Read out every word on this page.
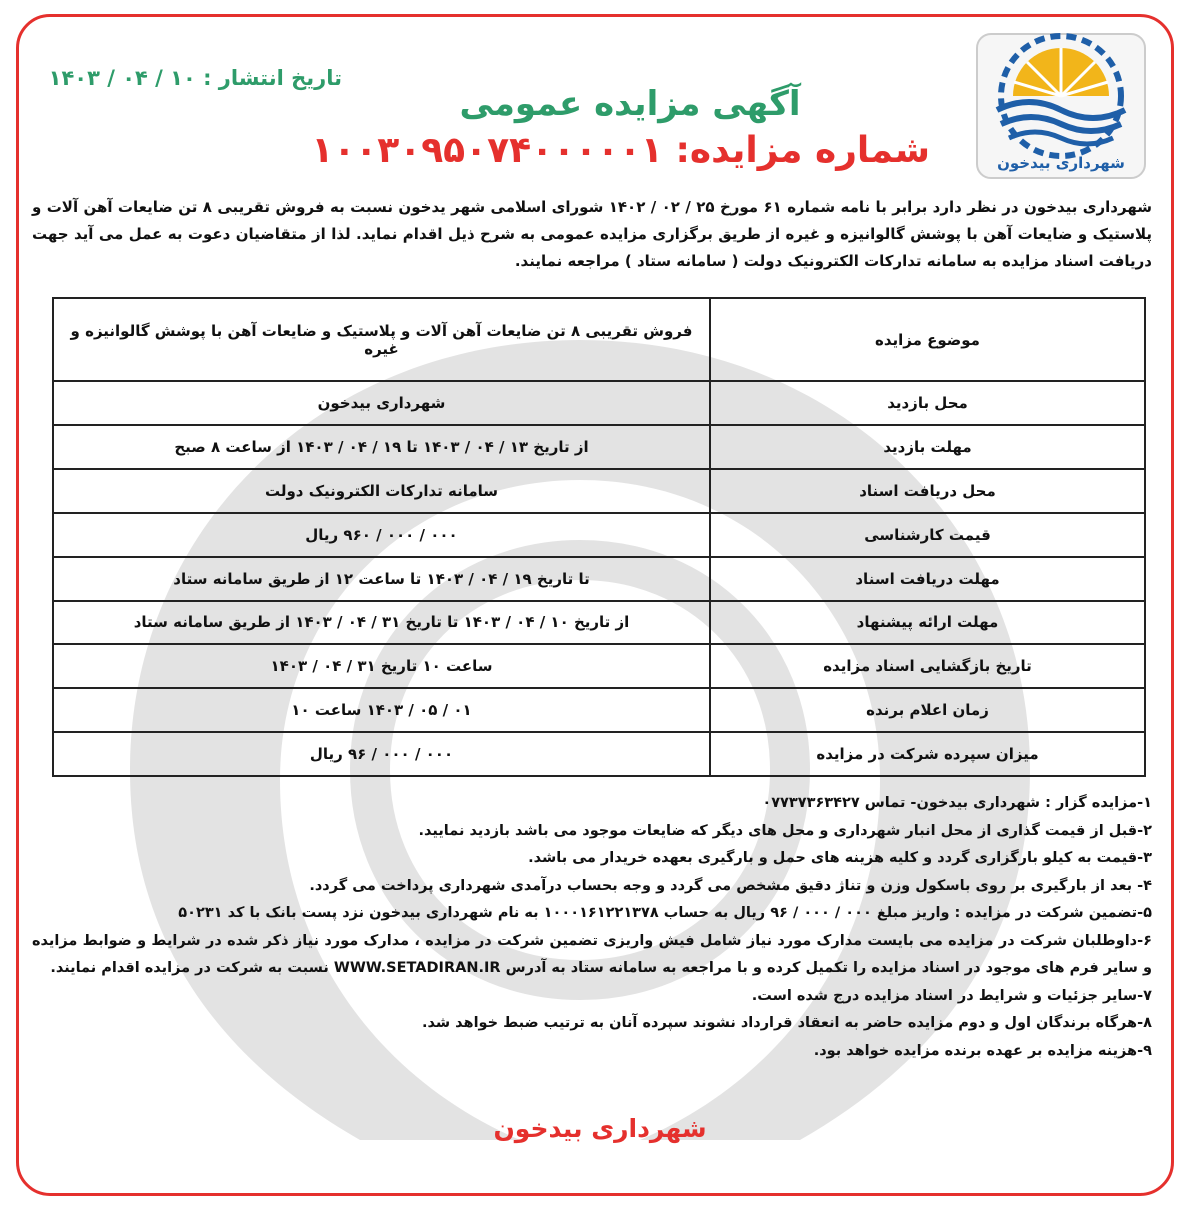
شهرداری بیدخون
تاریخ انتشار : ۱۰ / ۰۴ / ۱۴۰۳
آگهی مزایده عمومی
شماره مزایده: ۱۰۰۳۰۹۵۰۷۴۰۰۰۰۰۱
شهرداری بیدخون در نظر دارد برابر با نامه شماره ۶۱ مورخ ۲۵ / ۰۲ / ۱۴۰۲ شورای اسلامی شهر یدخون نسبت به فروش تقریبی ۸ تن ضایعات آهن آلات و پلاستیک و ضایعات آهن با پوشش گالوانیزه و غیره از طریق برگزاری مزایده عمومی به شرح ذیل اقدام نماید. لذا از متقاضیان دعوت به عمل می آید جهت دریافت اسناد مزایده به سامانه تدارکات الکترونیک دولت ( سامانه ستاد ) مراجعه نمایند.
موضوع مزایده	فروش تقریبی ۸ تن ضایعات آهن آلات و پلاستیک و ضایعات آهن با پوشش گالوانیزه و غیره
محل بازدید	شهرداری بیدخون
مهلت بازدید	از تاریخ ۱۳ / ۰۴ / ۱۴۰۳ تا ۱۹ / ۰۴ / ۱۴۰۳ از ساعت ۸ صبح
محل دریافت اسناد	سامانه تدارکات الکترونیک دولت
قیمت کارشناسی	۰۰۰ / ۰۰۰ / ۹۶۰ ریال
مهلت دریافت اسناد	تا تاریخ ۱۹ / ۰۴ / ۱۴۰۳ تا ساعت ۱۲ از طریق سامانه ستاد
مهلت ارائه پیشنهاد	از تاریخ ۱۰ / ۰۴ / ۱۴۰۳ تا تاریخ ۳۱ / ۰۴ / ۱۴۰۳ از طریق سامانه ستاد
تاریخ بازگشایی اسناد مزایده	ساعت ۱۰ تاریخ ۳۱ / ۰۴ / ۱۴۰۳
زمان اعلام برنده	۰۱ / ۰۵ / ۱۴۰۳ ساعت ۱۰
میزان سپرده شرکت در مزایده	۰۰۰ / ۰۰۰ / ۹۶ ریال

۱-مزایده گزار : شهرداری بیدخون- تماس ۰۷۷۳۷۳۶۳۴۲۷

۲-قبل از قیمت گذاری از محل انبار شهرداری و محل های دیگر که ضایعات موجود می باشد بازدید نمایید.

۳-قیمت به کیلو بارگزاری گردد و کلیه هزینه های حمل و بارگیری بعهده خریدار می باشد.

۴- بعد از بارگیری بر روی باسکول وزن و تناژ دقیق مشخص می گردد و وجه بحساب درآمدی شهرداری پرداخت می گردد.

۵-تضمین شرکت در مزایده : واریز مبلغ ۰۰۰ / ۰۰۰ / ۹۶ ریال به حساب ۱۰۰۰۱۶۱۲۲۱۳۷۸ به نام شهرداری بیدخون نزد پست بانک با کد ۵۰۲۳۱

۶-داوطلبان شرکت در مزایده می بایست مدارک مورد نیاز شامل فیش واریزی تضمین شرکت در مزایده ، مدارک مورد نیاز ذکر شده در شرایط و ضوابط مزایده و سایر فرم های موجود در اسناد مزایده را تکمیل کرده و با مراجعه به سامانه ستاد به آدرس WWW.SETADIRAN.IR نسبت به شرکت در مزایده اقدام نمایند.

۷-سایر جزئیات و شرایط در اسناد مزایده درج شده است.

۸-هرگاه برندگان اول و دوم مزایده حاضر به انعقاد قرارداد نشوند سپرده آنان به ترتیب ضبط خواهد شد.

۹-هزینه مزایده بر عهده برنده مزایده خواهد بود.

شهرداری بیدخون
